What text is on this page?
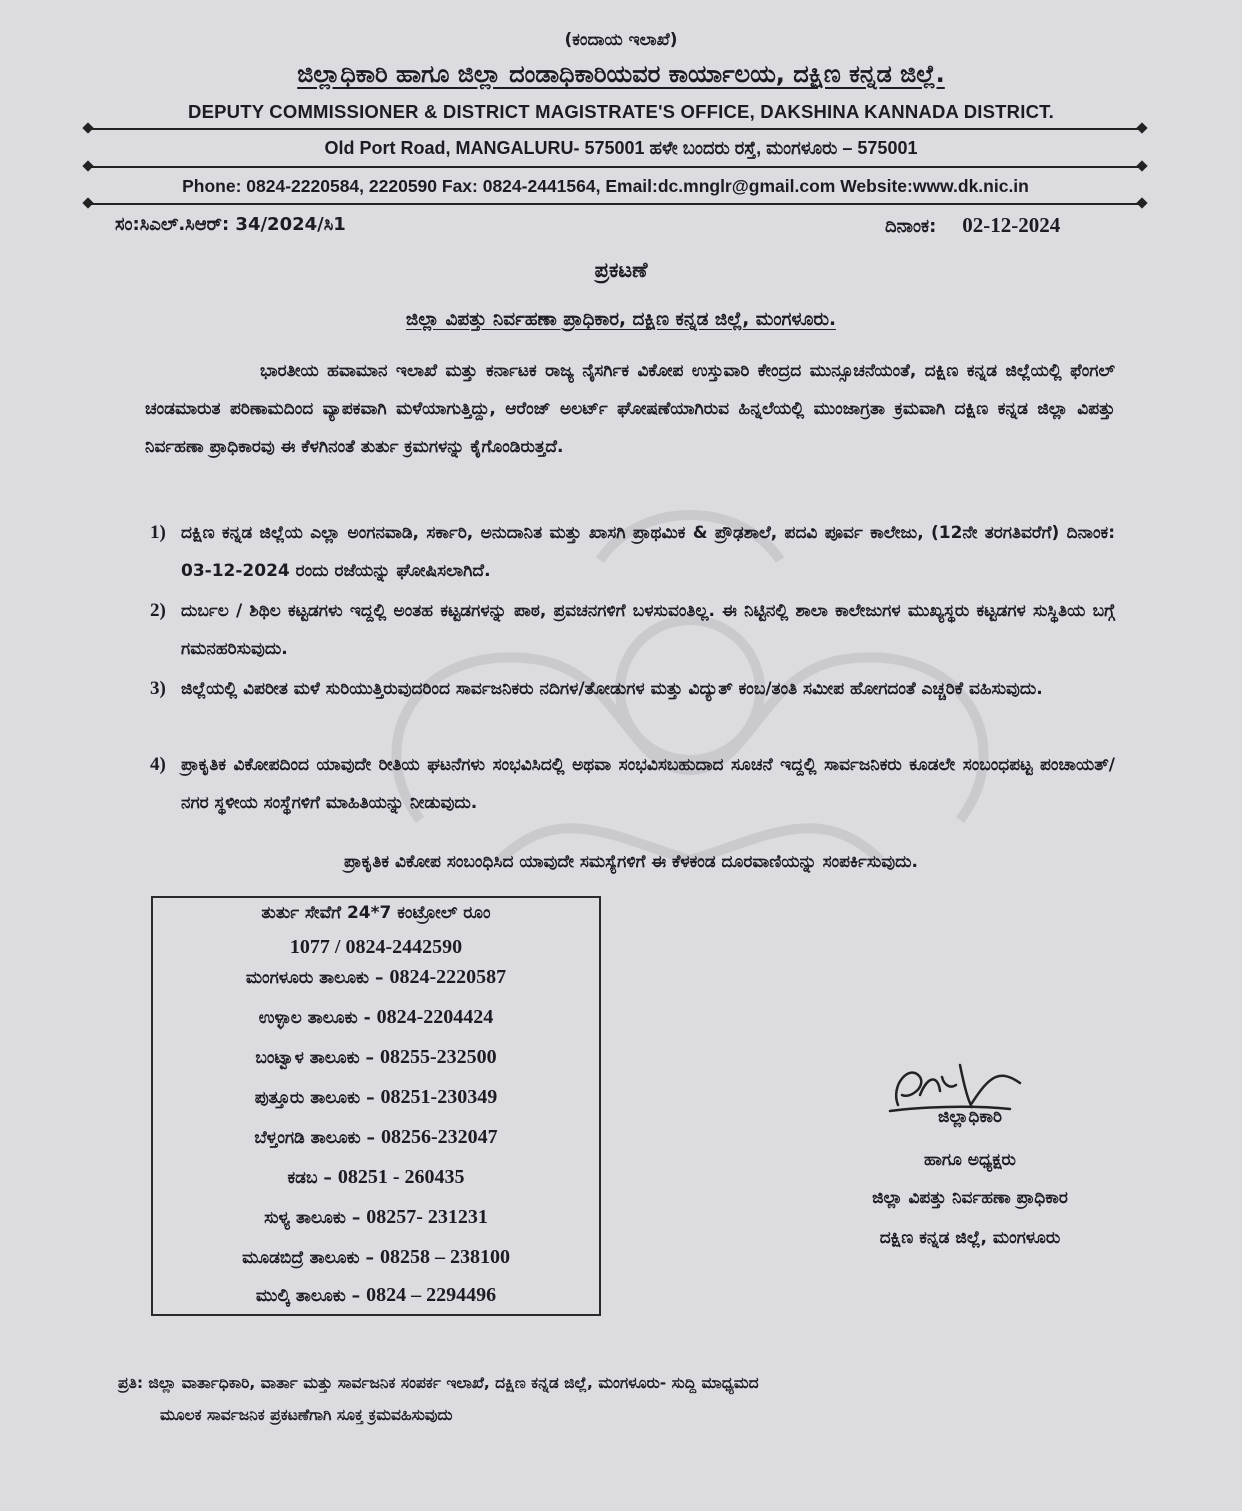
(ಕಂದಾಯ ಇಲಾಖೆ)

ಜಿಲ್ಲಾಧಿಕಾರಿ ಹಾಗೂ ಜಿಲ್ಲಾ ದಂಡಾಧಿಕಾರಿಯವರ ಕಾರ್ಯಾಲಯ, ದಕ್ಷಿಣ ಕನ್ನಡ ಜಿಲ್ಲೆ.

DEPUTY COMMISSIONER & DISTRICT MAGISTRATE'S OFFICE, DAKSHINA KANNADA DISTRICT.

Old Port Road, MANGALURU- 575001 ಹಳೇ ಬಂದರು ರಸ್ತೆ, ಮಂಗಳೂರು – 575001

Phone: 0824-2220584, 2220590 Fax: 0824-2441564, Email:dc.mnglr@gmail.com Website:www.dk.nic.in

ಸಂ:ಸಿಎಲ್.ಸಿಆರ್: 34/2024/ಸಿ1	ದಿನಾಂಕ: 02-12-2024

ಪ್ರಕಟಣೆ

ಜಿಲ್ಲಾ ವಿಪತ್ತು ನಿರ್ವಹಣಾ ಪ್ರಾಧಿಕಾರ, ದಕ್ಷಿಣ ಕನ್ನಡ ಜಿಲ್ಲೆ, ಮಂಗಳೂರು.

ಭಾರತೀಯ ಹವಾಮಾನ ಇಲಾಖೆ ಮತ್ತು ಕರ್ನಾಟಕ ರಾಜ್ಯ ನೈಸರ್ಗಿಕ ವಿಕೋಪ ಉಸ್ತುವಾರಿ ಕೇಂದ್ರದ ಮುನ್ಸೂಚನೆಯಂತೆ, ದಕ್ಷಿಣ ಕನ್ನಡ ಜಿಲ್ಲೆಯಲ್ಲಿ ಫೆಂಗಲ್ ಚಂಡಮಾರುತ ಪರಿಣಾಮದಿಂದ ವ್ಯಾಪಕವಾಗಿ ಮಳೆಯಾಗುತ್ತಿದ್ದು, ಆರೆಂಜ್ ಅಲರ್ಟ್ ಘೋಷಣೆಯಾಗಿರುವ ಹಿನ್ನಲೆಯಲ್ಲಿ ಮುಂಜಾಗ್ರತಾ ಕ್ರಮವಾಗಿ ದಕ್ಷಿಣ ಕನ್ನಡ ಜಿಲ್ಲಾ ವಿಪತ್ತು ನಿರ್ವಹಣಾ ಪ್ರಾಧಿಕಾರವು ಈ ಕೆಳಗಿನಂತೆ ತುರ್ತು ಕ್ರಮಗಳನ್ನು ಕೈಗೊಂಡಿರುತ್ತದೆ.

1) ದಕ್ಷಿಣ ಕನ್ನಡ ಜಿಲ್ಲೆಯ ಎಲ್ಲಾ ಅಂಗನವಾಡಿ, ಸರ್ಕಾರಿ, ಅನುದಾನಿತ ಮತ್ತು ಖಾಸಗಿ ಪ್ರಾಥಮಿಕ & ಪ್ರೌಢಶಾಲೆ, ಪದವಿ ಪೂರ್ವ ಕಾಲೇಜು, (12ನೇ ತರಗತಿವರೆಗೆ) ದಿನಾಂಕ: 03-12-2024 ರಂದು ರಜೆಯನ್ನು ಘೋಷಿಸಲಾಗಿದೆ.
2) ದುರ್ಬಲ / ಶಿಥಿಲ ಕಟ್ಟಡಗಳು ಇದ್ದಲ್ಲಿ ಅಂತಹ ಕಟ್ಟಡಗಳನ್ನು ಪಾಠ, ಪ್ರವಚನಗಳಿಗೆ ಬಳಸುವಂತಿಲ್ಲ. ಈ ನಿಟ್ಟಿನಲ್ಲಿ ಶಾಲಾ ಕಾಲೇಜುಗಳ ಮುಖ್ಯಸ್ಥರು ಕಟ್ಟಡಗಳ ಸುಸ್ಥಿತಿಯ ಬಗ್ಗೆ ಗಮನಹರಿಸುವುದು.
3) ಜಿಲ್ಲೆಯಲ್ಲಿ ವಿಪರೀತ ಮಳೆ ಸುರಿಯುತ್ತಿರುವುದರಿಂದ ಸಾರ್ವಜನಿಕರು ನದಿಗಳ/ತೋಡುಗಳ ಮತ್ತು ವಿದ್ಯುತ್ ಕಂಬ/ತಂತಿ ಸಮೀಪ ಹೋಗದಂತೆ ಎಚ್ಚರಿಕೆ ವಹಿಸುವುದು.
4) ಪ್ರಾಕೃತಿಕ ವಿಕೋಪದಿಂದ ಯಾವುದೇ ರೀತಿಯ ಘಟನೆಗಳು ಸಂಭವಿಸಿದಲ್ಲಿ ಅಥವಾ ಸಂಭವಿಸಬಹುದಾದ ಸೂಚನೆ ಇದ್ದಲ್ಲಿ ಸಾರ್ವಜನಿಕರು ಕೂಡಲೇ ಸಂಬಂಧಪಟ್ಟ ಪಂಚಾಯತ್/ನಗರ ಸ್ಥಳೀಯ ಸಂಸ್ಥೆಗಳಿಗೆ ಮಾಹಿತಿಯನ್ನು ನೀಡುವುದು.

ಪ್ರಾಕೃತಿಕ ವಿಕೋಪ ಸಂಬಂಧಿಸಿದ ಯಾವುದೇ ಸಮಸ್ಯೆಗಳಿಗೆ ಈ ಕೆಳಕಂಡ ದೂರವಾಣಿಯನ್ನು ಸಂಪರ್ಕಿಸುವುದು.

ತುರ್ತು ಸೇವೆಗೆ 24*7 ಕಂಟ್ರೋಲ್ ರೂಂ
1077 / 0824-2442590
ಮಂಗಳೂರು ತಾಲೂಕು – 0824-2220587
ಉಳ್ಳಾಲ ತಾಲೂಕು - 0824-2204424
ಬಂಟ್ವಾಳ ತಾಲೂಕು – 08255-232500
ಪುತ್ತೂರು ತಾಲೂಕು – 08251-230349
ಬೆಳ್ತಂಗಡಿ ತಾಲೂಕು – 08256-232047
ಕಡಬ – 08251 - 260435
ಸುಳ್ಯ ತಾಲೂಕು – 08257- 231231
ಮೂಡಬಿದ್ರೆ ತಾಲೂಕು – 08258 – 238100
ಮುಲ್ಕಿ ತಾಲೂಕು – 0824 – 2294496
ಜಿಲ್ಲಾಧಿಕಾರಿ
ಹಾಗೂ ಅಧ್ಯಕ್ಷರು
ಜಿಲ್ಲಾ ವಿಪತ್ತು ನಿರ್ವಹಣಾ ಪ್ರಾಧಿಕಾರ
ದಕ್ಷಿಣ ಕನ್ನಡ ಜಿಲ್ಲೆ, ಮಂಗಳೂರು

ಪ್ರತಿ: ಜಿಲ್ಲಾ ವಾರ್ತಾಧಿಕಾರಿ, ವಾರ್ತಾ ಮತ್ತು ಸಾರ್ವಜನಿಕ ಸಂಪರ್ಕ ಇಲಾಖೆ, ದಕ್ಷಿಣ ಕನ್ನಡ ಜಿಲ್ಲೆ, ಮಂಗಳೂರು- ಸುದ್ದಿ ಮಾಧ್ಯಮದ
ಮೂಲಕ ಸಾರ್ವಜನಿಕ ಪ್ರಕಟಣೆಗಾಗಿ ಸೂಕ್ತ ಕ್ರಮವಹಿಸುವುದು
